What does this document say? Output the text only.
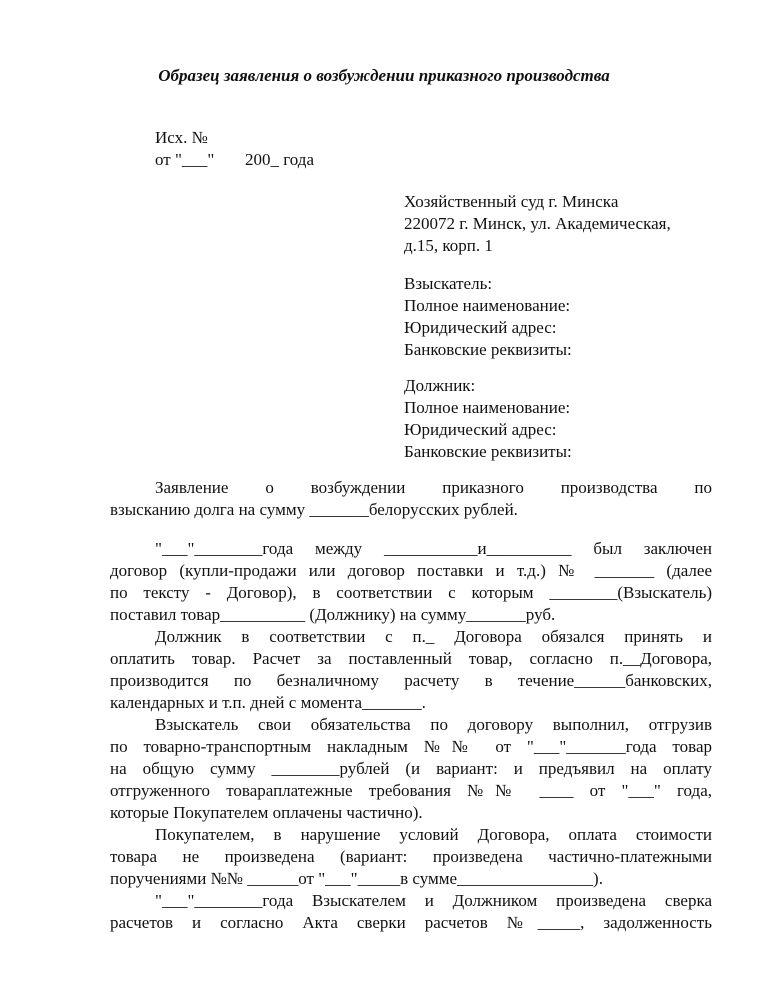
Образец заявления о возбуждении приказного производства
Исх. №
от "___" 200_ года
Хозяйственный суд г. Минска
220072 г. Минск, ул. Академическая,
д.15, корп. 1
Взыскатель:
Полное наименование:
Юридический адрес:
Банковские реквизиты:
Должник:
Полное наименование:
Юридический адрес:
Банковские реквизиты:
Заявление о возбуждении приказного производства по
взысканию долга на сумму _______белорусских рублей.
"___"________года между ___________и__________ был заключен
договор (купли-продажи или договор поставки и т.д.) № _______ (далее
по тексту - Договор), в соответствии с которым ________(Взыскатель)
поставил товар__________ (Должнику) на сумму_______руб.
Должник в соответствии с п._ Договора обязался принять и
оплатить товар. Расчет за поставленный товар, согласно п.__Договора,
производится по безналичному расчету в течение______банковских,
календарных и т.п. дней с момента_______.
Взыскатель свои обязательства по договору выполнил, отгрузив
по товарно-транспортным накладным №№ от "___"_______года товар
на общую сумму ________рублей (и вариант: и предъявил на оплату
отгруженного товараплатежные требования №№ ____ от "___" года,
которые Покупателем оплачены частично).
Покупателем, в нарушение условий Договора, оплата стоимости
товара не произведена (вариант: произведена частично-платежными
поручениями №№ ______от "___"_____в сумме________________).
"___"________года Взыскателем и Должником произведена сверка
расчетов и согласно Акта сверки расчетов №_____, задолженность
